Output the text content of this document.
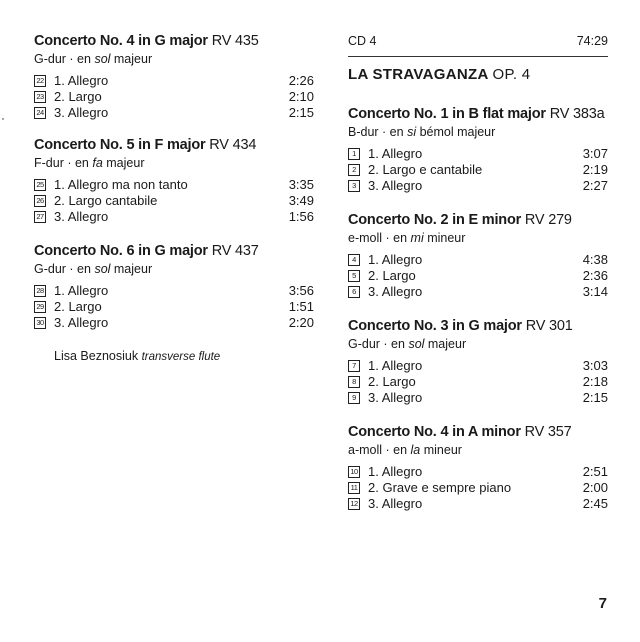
Concerto No. 4 in G major RV 435
G-dur · en sol majeur
22 1. Allegro	2:26
23 2. Largo	2:10
24 3. Allegro	2:15
Concerto No. 5 in F major RV 434
F-dur · en fa majeur
25 1. Allegro ma non tanto	3:35
26 2. Largo cantabile	3:49
27 3. Allegro	1:56
Concerto No. 6 in G major RV 437
G-dur · en sol majeur
28 1. Allegro	3:56
29 2. Largo	1:51
30 3. Allegro	2:20
Lisa Beznosiuk transverse flute
CD 4	74:29
LA STRAVAGANZA OP. 4
Concerto No. 1 in B flat major RV 383a
B-dur · en si bémol majeur
1 1. Allegro	3:07
2 2. Largo e cantabile	2:19
3 3. Allegro	2:27
Concerto No. 2 in E minor RV 279
e-moll · en mi mineur
4 1. Allegro	4:38
5 2. Largo	2:36
6 3. Allegro	3:14
Concerto No. 3 in G major RV 301
G-dur · en sol majeur
7 1. Allegro	3:03
8 2. Largo	2:18
9 3. Allegro	2:15
Concerto No. 4 in A minor RV 357
a-moll · en la mineur
10 1. Allegro	2:51
11 2. Grave e sempre piano	2:00
12 3. Allegro	2:45
7
